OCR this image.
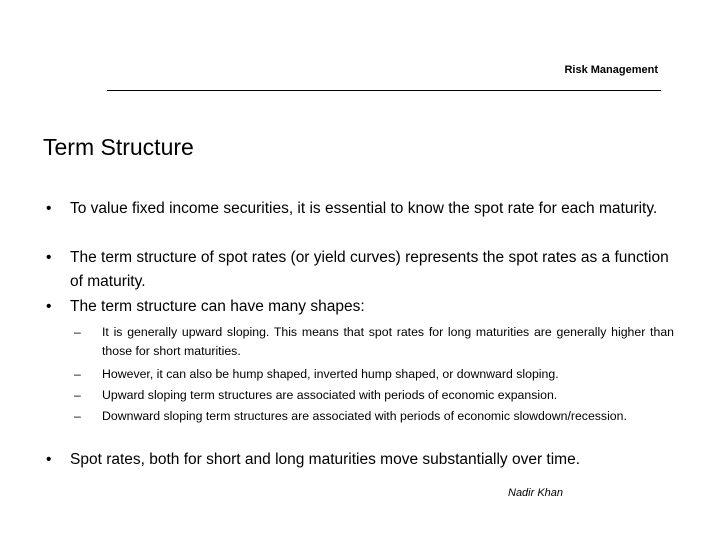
Risk Management
Term Structure
• To value fixed income securities, it is essential to know the spot rate for each maturity.
• The term structure of spot rates (or yield curves) represents the spot rates as a function of maturity.
• The term structure can have many shapes:
– It is generally upward sloping. This means that spot rates for long maturities are generally higher than those for short maturities.
– However, it can also be hump shaped, inverted hump shaped, or downward sloping.
– Upward sloping term structures are associated with periods of economic expansion.
– Downward sloping term structures are associated with periods of economic slowdown/recession.
• Spot rates, both for short and long maturities move substantially over time.
Nadir Khan
